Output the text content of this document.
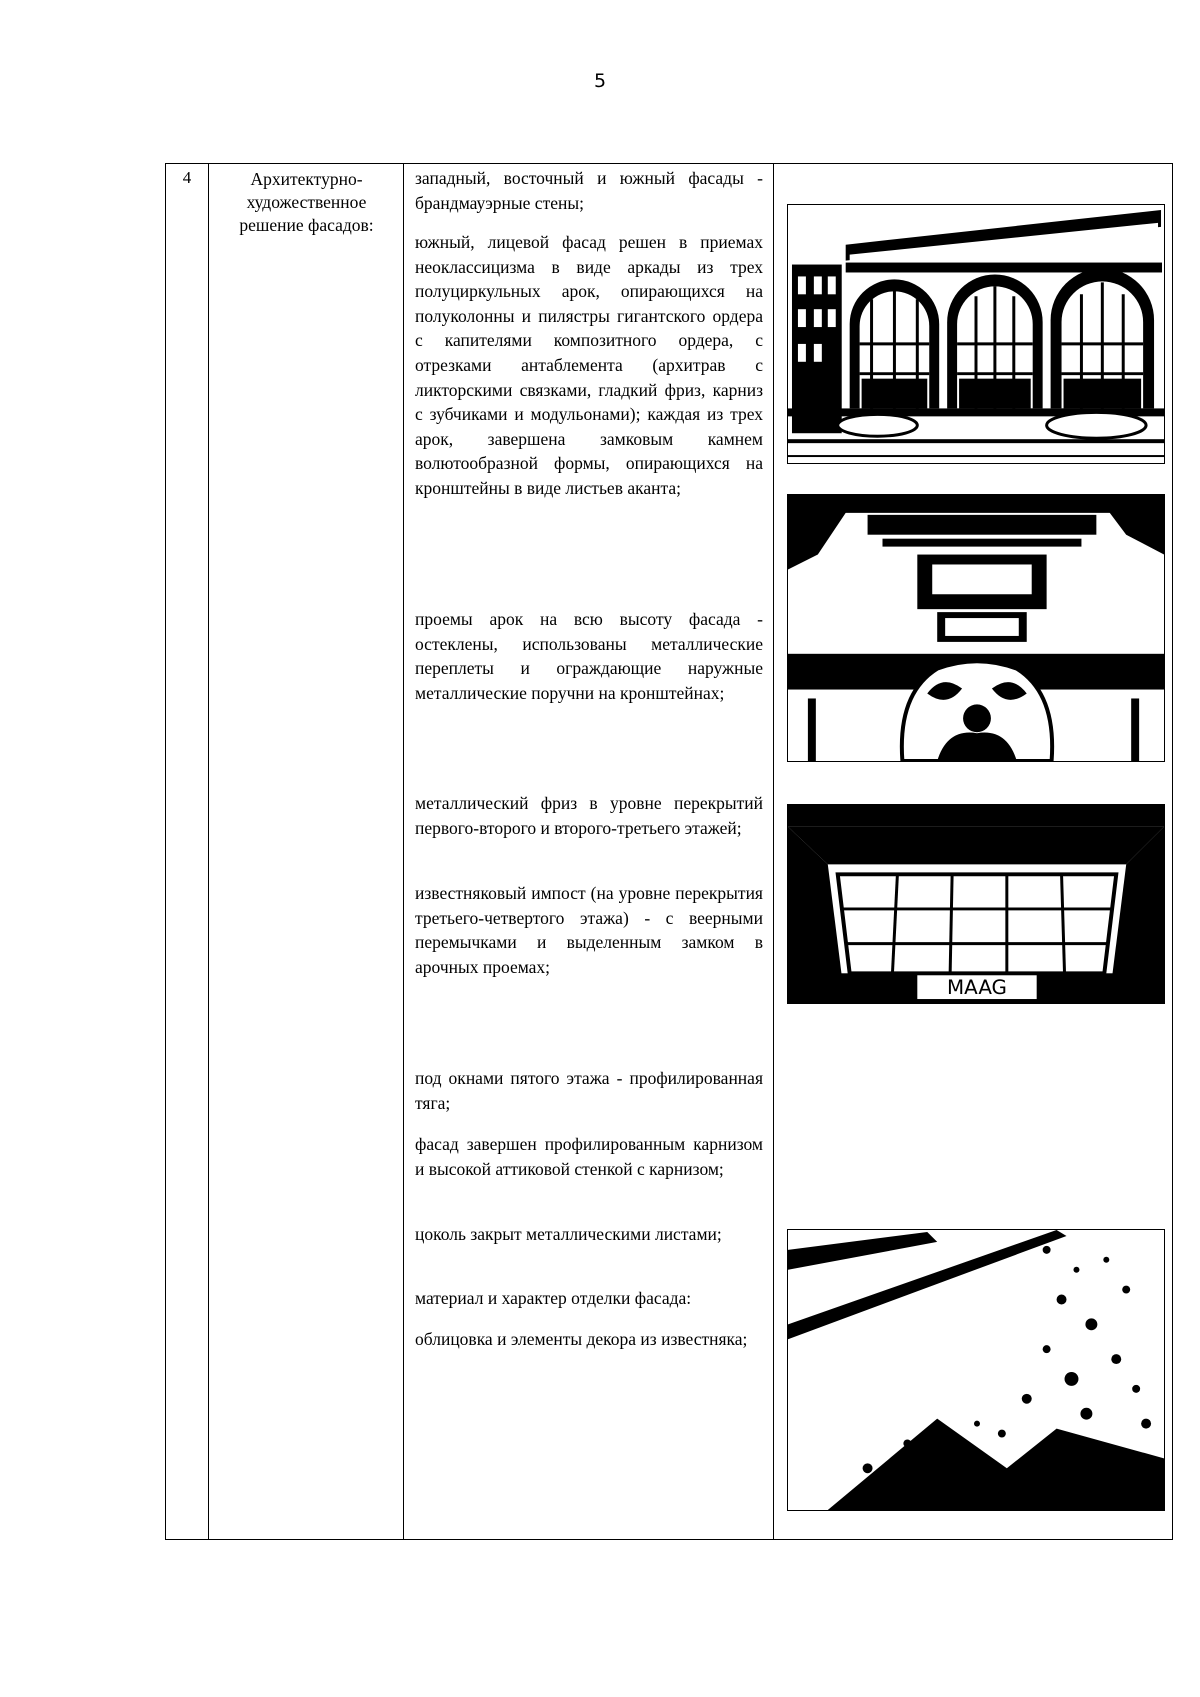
5
4	Архитектурно-
художественное
решение фасадов:
западный, восточный и южный фасады - брандмауэрные стены;
южный, лицевой фасад решен в приемах неоклассицизма в виде аркады из трех полуциркульных арок, опирающихся на полуколонны и пилястры гигантского ордера с капителями композитного ордера, с отрезками антаблемента (архитрав с ликторскими связками, гладкий фриз, карниз с зубчиками и модульонами); каждая из трех арок, завершена замковым камнем волютообразной формы, опирающихся на кронштейны в виде листьев аканта;
проемы арок на всю высоту фасада - остеклены, использованы металлические переплеты и ограждающие наружные металлические поручни на кронштейнах;
металлический фриз в уровне перекрытий первого-второго и второго-третьего этажей;
известняковый импост (на уровне перекрытия третьего-четвертого этажа) - с веерными перемычками и выделенным замком в арочных проемах;
под окнами пятого этажа - профилированная тяга;
фасад завершен профилированным карнизом и высокой аттиковой стенкой с карнизом;
цоколь закрыт металлическими листами;
материал и характер отделки фасада:
облицовка и элементы декора из известняка;
MAAG
